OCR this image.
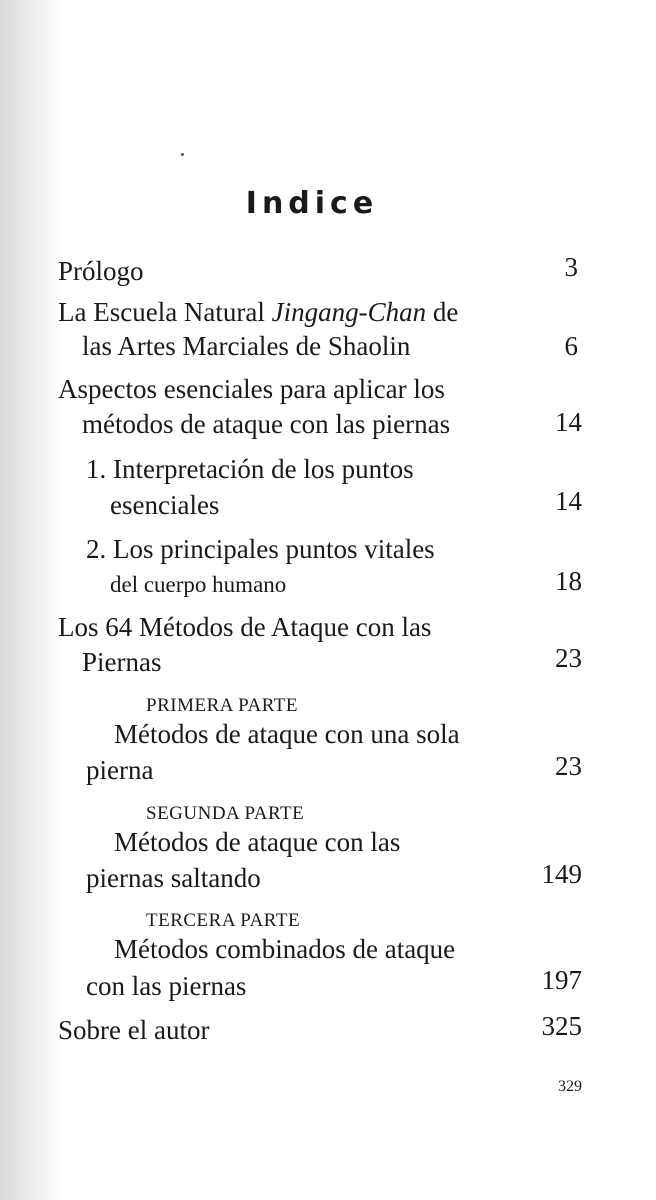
Indice
Prólogo	3
La Escuela Natural Jingang-Chan de
las Artes Marciales de Shaolin	6
Aspectos esenciales para aplicar los
métodos de ataque con las piernas	14
1. Interpretación de los puntos
esenciales	14
2. Los principales puntos vitales
del cuerpo humano	18
Los 64 Métodos de Ataque con las
Piernas	23
PRIMERA PARTE
Métodos de ataque con una sola
pierna	23
SEGUNDA PARTE
Métodos de ataque con las
piernas saltando	149
TERCERA PARTE
Métodos combinados de ataque
con las piernas	197
Sobre el autor	325
329
